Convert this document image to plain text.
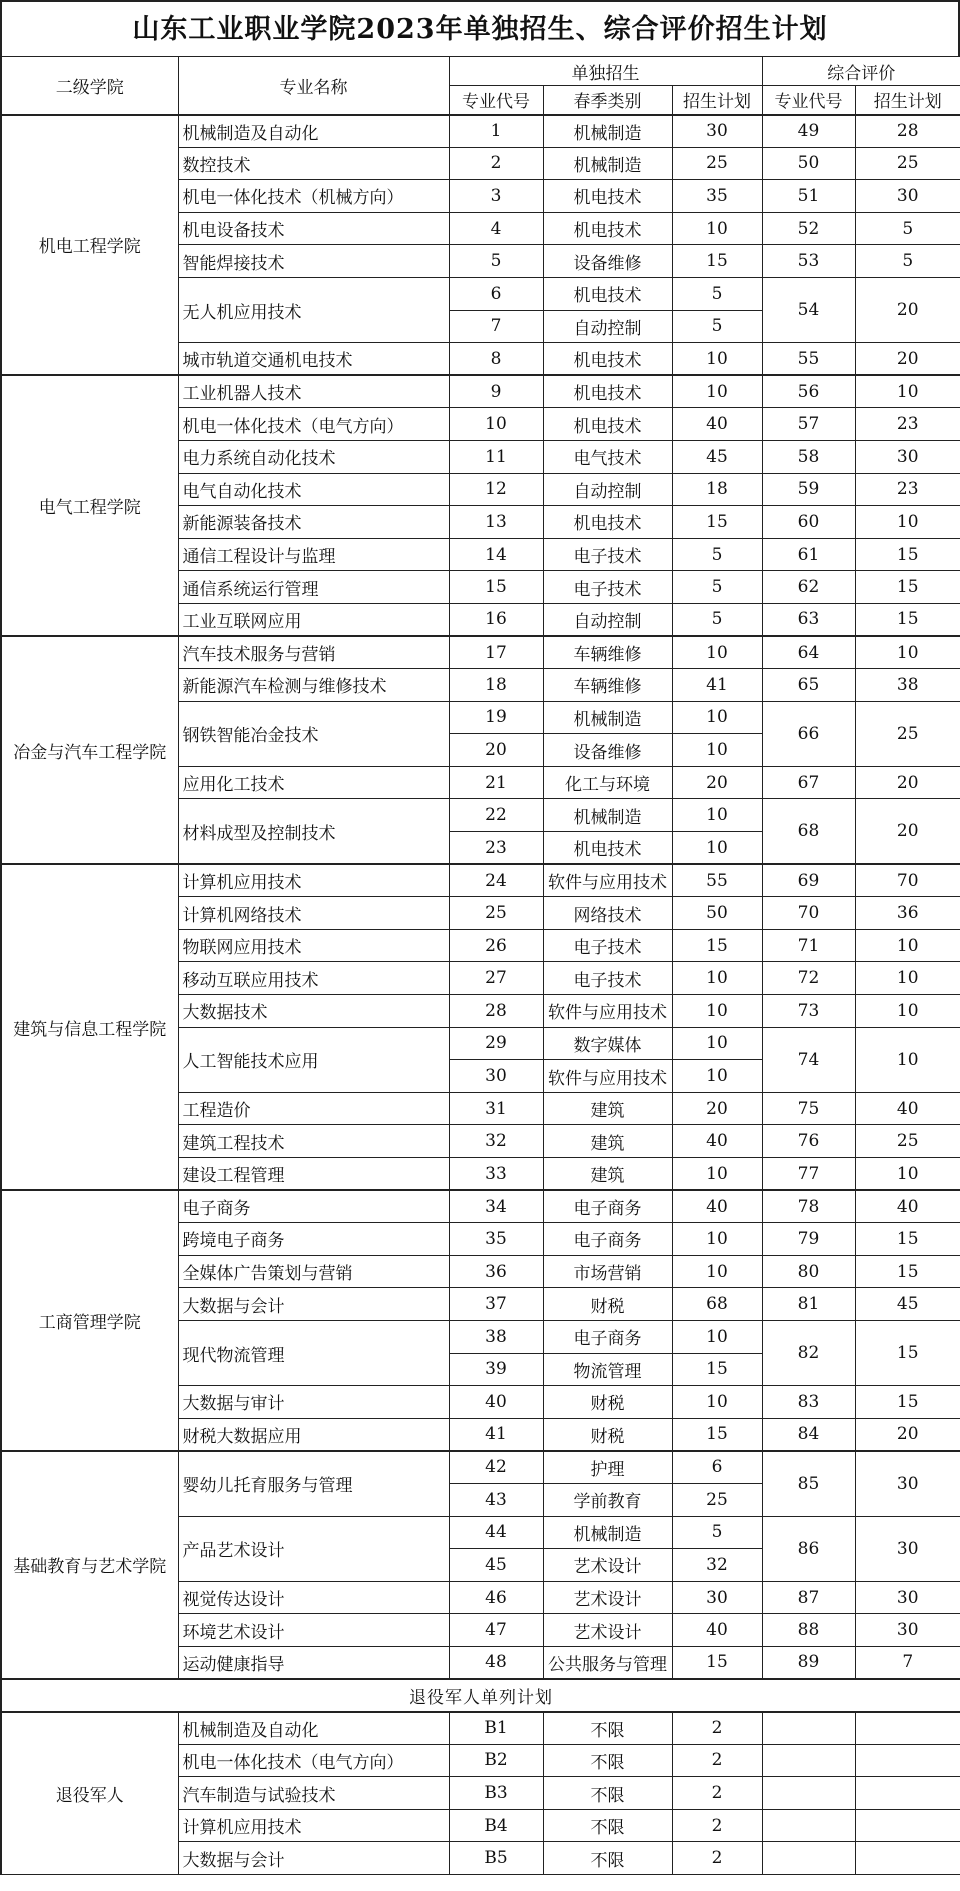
山东工业职业学院2023年单独招生、综合评价招生计划
二级学院	专业名称	单独招生			综合评价	
		专业代号	春季类别	招生计划	专业代号	招生计划
机电工程学院	机械制造及自动化	1	机械制造	30	49	28
	数控技术	2	机械制造	25	50	25
	机电一体化技术（机械方向）	3	机电技术	35	51	30
	机电设备技术	4	机电技术	10	52	5
	智能焊接技术	5	设备维修	15	53	5
	无人机应用技术	6	机电技术	5	54	20
		7	自动控制	5		
	城市轨道交通机电技术	8	机电技术	10	55	20
电气工程学院	工业机器人技术	9	机电技术	10	56	10
	机电一体化技术（电气方向）	10	机电技术	40	57	23
	电力系统自动化技术	11	电气技术	45	58	30
	电气自动化技术	12	自动控制	18	59	23
	新能源装备技术	13	机电技术	15	60	10
	通信工程设计与监理	14	电子技术	5	61	15
	通信系统运行管理	15	电子技术	5	62	15
	工业互联网应用	16	自动控制	5	63	15
冶金与汽车工程学院	汽车技术服务与营销	17	车辆维修	10	64	10
	新能源汽车检测与维修技术	18	车辆维修	41	65	38
	钢铁智能冶金技术	19	机械制造	10	66	25
		20	设备维修	10		
	应用化工技术	21	化工与环境	20	67	20
	材料成型及控制技术	22	机械制造	10	68	20
		23	机电技术	10		
建筑与信息工程学院	计算机应用技术	24	软件与应用技术	55	69	70
	计算机网络技术	25	网络技术	50	70	36
	物联网应用技术	26	电子技术	15	71	10
	移动互联应用技术	27	电子技术	10	72	10
	大数据技术	28	软件与应用技术	10	73	10
	人工智能技术应用	29	数字媒体	10	74	10
		30	软件与应用技术	10		
	工程造价	31	建筑	20	75	40
	建筑工程技术	32	建筑	40	76	25
	建设工程管理	33	建筑	10	77	10
工商管理学院	电子商务	34	电子商务	40	78	40
	跨境电子商务	35	电子商务	10	79	15
	全媒体广告策划与营销	36	市场营销	10	80	15
	大数据与会计	37	财税	68	81	45
	现代物流管理	38	电子商务	10	82	15
		39	物流管理	15		
	大数据与审计	40	财税	10	83	15
	财税大数据应用	41	财税	15	84	20
基础教育与艺术学院	婴幼儿托育服务与管理	42	护理	6	85	30
		43	学前教育	25		
	产品艺术设计	44	机械制造	5	86	30
		45	艺术设计	32		
	视觉传达设计	46	艺术设计	30	87	30
	环境艺术设计	47	艺术设计	40	88	30
	运动健康指导	48	公共服务与管理	15	89	7
退役军人单列计划						
退役军人	机械制造及自动化	B1	不限	2		
	机电一体化技术（电气方向）	B2	不限	2		
	汽车制造与试验技术	B3	不限	2		
	计算机应用技术	B4	不限	2		
	大数据与会计	B5	不限	2		
